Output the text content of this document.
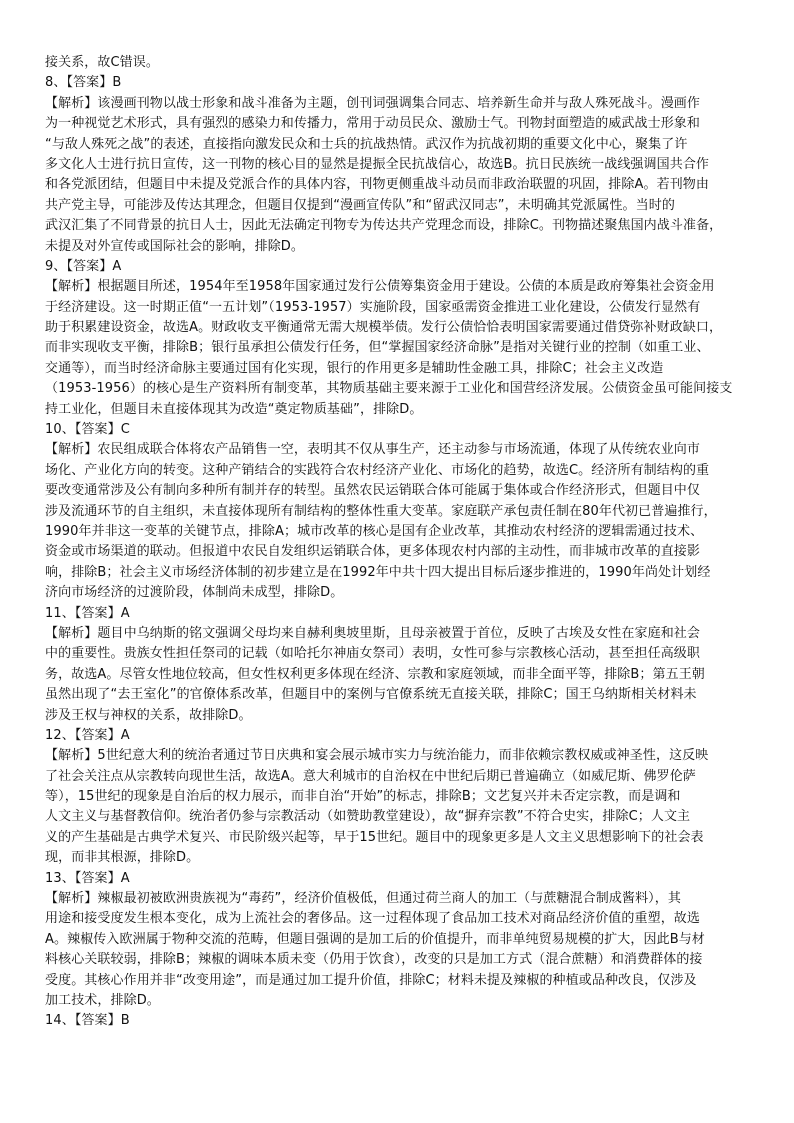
接关系，故C错误。
8、【答案】B
【解析】该漫画刊物以战士形象和战斗准备为主题，创刊词强调集合同志、培养新生命并与敌人殊死战斗。漫画作
为一种视觉艺术形式，具有强烈的感染力和传播力，常用于动员民众、激励士气。刊物封面塑造的威武战士形象和
“与敌人殊死之战”的表述，直接指向激发民众和士兵的抗战热情。武汉作为抗战初期的重要文化中心，聚集了许
多文化人士进行抗日宣传，这一刊物的核心目的显然是提振全民抗战信心，故选B。抗日民族统一战线强调国共合作
和各党派团结，但题目中未提及党派合作的具体内容，刊物更侧重战斗动员而非政治联盟的巩固，排除A。若刊物由
共产党主导，可能涉及传达其理念，但题目仅提到“漫画宣传队”和“留武汉同志”，未明确其党派属性。当时的
武汉汇集了不同背景的抗日人士，因此无法确定刊物专为传达共产党理念而设，排除C。刊物描述聚焦国内战斗准备，
未提及对外宣传或国际社会的影响，排除D。
9、【答案】A
【解析】根据题目所述，1954年至1958年国家通过发行公债筹集资金用于建设。公债的本质是政府筹集社会资金用
于经济建设。这一时期正值“一五计划”（1953-1957）实施阶段，国家亟需资金推进工业化建设，公债发行显然有
助于积累建设资金，故选A。财政收支平衡通常无需大规模举债。发行公债恰恰表明国家需要通过借贷弥补财政缺口，
而非实现收支平衡，排除B；银行虽承担公债发行任务，但“掌握国家经济命脉”是指对关键行业的控制（如重工业、
交通等），而当时经济命脉主要通过国有化实现，银行的作用更多是辅助性金融工具，排除C；社会主义改造
（1953-1956）的核心是生产资料所有制变革，其物质基础主要来源于工业化和国营经济发展。公债资金虽可能间接支
持工业化，但题目未直接体现其为改造“奠定物质基础”，排除D。
10、【答案】C
【解析】农民组成联合体将农产品销售一空，表明其不仅从事生产，还主动参与市场流通，体现了从传统农业向市
场化、产业化方向的转变。这种产销结合的实践符合农村经济产业化、市场化的趋势，故选C。经济所有制结构的重
要改变通常涉及公有制向多种所有制并存的转型。虽然农民运销联合体可能属于集体或合作经济形式，但题目中仅
涉及流通环节的自主组织，未直接体现所有制结构的整体性重大变革。家庭联产承包责任制在80年代初已普遍推行，
1990年并非这一变革的关键节点，排除A；城市改革的核心是国有企业改革，其推动农村经济的逻辑需通过技术、
资金或市场渠道的联动。但报道中农民自发组织运销联合体，更多体现农村内部的主动性，而非城市改革的直接影
响，排除B；社会主义市场经济体制的初步建立是在1992年中共十四大提出目标后逐步推进的，1990年尚处计划经
济向市场经济的过渡阶段，体制尚未成型，排除D。
11、【答案】A
【解析】题目中乌纳斯的铭文强调父母均来自赫利奥坡里斯，且母亲被置于首位，反映了古埃及女性在家庭和社会
中的重要性。贵族女性担任祭司的记载（如哈托尔神庙女祭司）表明，女性可参与宗教核心活动，甚至担任高级职
务，故选A。尽管女性地位较高，但女性权利更多体现在经济、宗教和家庭领域，而非全面平等，排除B；第五王朝
虽然出现了“去王室化”的官僚体系改革，但题目中的案例与官僚系统无直接关联，排除C；国王乌纳斯相关材料未
涉及王权与神权的关系，故排除D。
12、【答案】A
【解析】5世纪意大利的统治者通过节日庆典和宴会展示城市实力与统治能力，而非依赖宗教权威或神圣性，这反映
了社会关注点从宗教转向现世生活，故选A。意大利城市的自治权在中世纪后期已普遍确立（如威尼斯、佛罗伦萨
等），15世纪的现象是自治后的权力展示，而非自治“开始”的标志，排除B；文艺复兴并未否定宗教，而是调和
人文主义与基督教信仰。统治者仍参与宗教活动（如赞助教堂建设），故“摒弃宗教”不符合史实，排除C；人文主
义的产生基础是古典学术复兴、市民阶级兴起等，早于15世纪。题目中的现象更多是人文主义思想影响下的社会表
现，而非其根源，排除D。
13、【答案】A
【解析】辣椒最初被欧洲贵族视为“毒药”，经济价值极低，但通过荷兰商人的加工（与蔗糖混合制成酱料），其
用途和接受度发生根本变化，成为上流社会的奢侈品。这一过程体现了食品加工技术对商品经济价值的重塑，故选
A。辣椒传入欧洲属于物种交流的范畴，但题目强调的是加工后的价值提升，而非单纯贸易规模的扩大，因此B与材
料核心关联较弱，排除B；辣椒的调味本质未变（仍用于饮食），改变的只是加工方式（混合蔗糖）和消费群体的接
受度。其核心作用并非“改变用途”，而是通过加工提升价值，排除C；材料未提及辣椒的种植或品种改良，仅涉及
加工技术，排除D。
14、【答案】B
